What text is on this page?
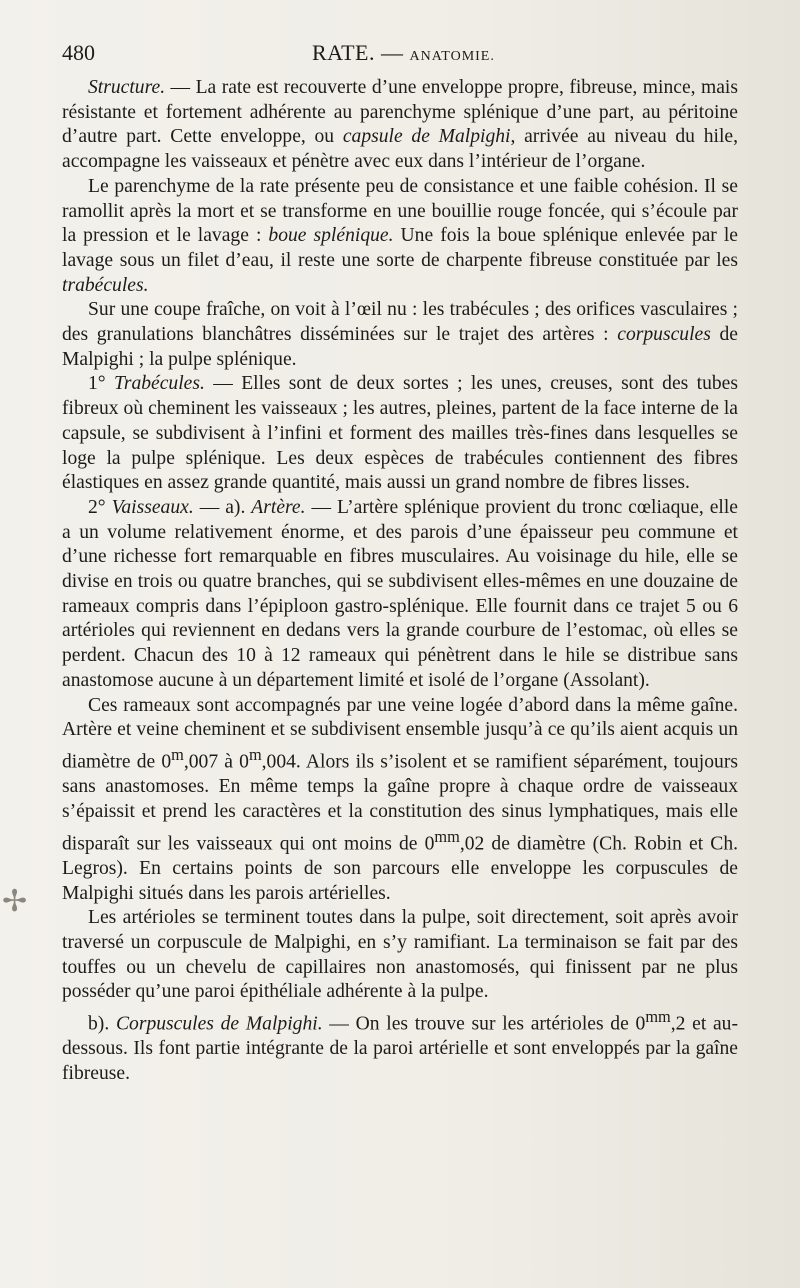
480	RATE. — ANATOMIE.

Structure. — La rate est recouverte d’une enveloppe propre, fibreuse, mince, mais résistante et fortement adhérente au parenchyme splénique d’une part, au péritoine d’autre part. Cette enveloppe, ou capsule de Malpighi, arrivée au niveau du hile, accompagne les vaisseaux et pénètre avec eux dans l’intérieur de l’organe.

Le parenchyme de la rate présente peu de consistance et une faible cohésion. Il se ramollit après la mort et se transforme en une bouillie rouge foncée, qui s’écoule par la pression et le lavage : boue splénique. Une fois la boue splénique enlevée par le lavage sous un filet d’eau, il reste une sorte de charpente fibreuse constituée par les trabécules.

Sur une coupe fraîche, on voit à l’œil nu : les trabécules ; des orifices vasculaires ; des granulations blanchâtres disséminées sur le trajet des artères : corpuscules de Malpighi ; la pulpe splénique.

1° Trabécules. — Elles sont de deux sortes ; les unes, creuses, sont des tubes fibreux où cheminent les vaisseaux ; les autres, pleines, partent de la face interne de la capsule, se subdivisent à l’infini et forment des mailles très-fines dans lesquelles se loge la pulpe splénique. Les deux espèces de trabécules contiennent des fibres élastiques en assez grande quantité, mais aussi un grand nombre de fibres lisses.

2° Vaisseaux. — a). Artère. — L’artère splénique provient du tronc cœliaque, elle a un volume relativement énorme, et des parois d’une épaisseur peu commune et d’une richesse fort remarquable en fibres musculaires. Au voisinage du hile, elle se divise en trois ou quatre branches, qui se subdivisent elles-mêmes en une douzaine de rameaux compris dans l’épiploon gastro-splénique. Elle fournit dans ce trajet 5 ou 6 artérioles qui reviennent en dedans vers la grande courbure de l’estomac, où elles se perdent. Chacun des 10 à 12 rameaux qui pénètrent dans le hile se distribue sans anastomose aucune à un département limité et isolé de l’organe (Assolant).

Ces rameaux sont accompagnés par une veine logée d’abord dans la même gaîne. Artère et veine cheminent et se subdivisent ensemble jusqu’à ce qu’ils aient acquis un diamètre de 0$^m$,007 à 0$^m$,004. Alors ils s’isolent et se ramifient séparément, toujours sans anastomoses. En même temps la gaîne propre à chaque ordre de vaisseaux s’épaissit et prend les caractères et la constitution des sinus lymphatiques, mais elle disparaît sur les vaisseaux qui ont moins de $0^{mm},02$ de diamètre (Ch. Robin et Ch. Legros). En certains points de son parcours elle enveloppe les corpuscules de Malpighi situés dans les parois artérielles.

Les artérioles se terminent toutes dans la pulpe, soit directement, soit après avoir traversé un corpuscule de Malpighi, en s’y ramifiant. La terminaison se fait par des touffes ou un chevelu de capillaires non anastomosés, qui finissent par ne plus posséder qu’une paroi épithéliale adhérente à la pulpe.

b). Corpuscules de Malpighi. — On les trouve sur les artérioles de $0^{mm},2$ et au-dessous. Ils font partie intégrante de la paroi artérielle et sont enveloppés par la gaîne fibreuse.

✢
